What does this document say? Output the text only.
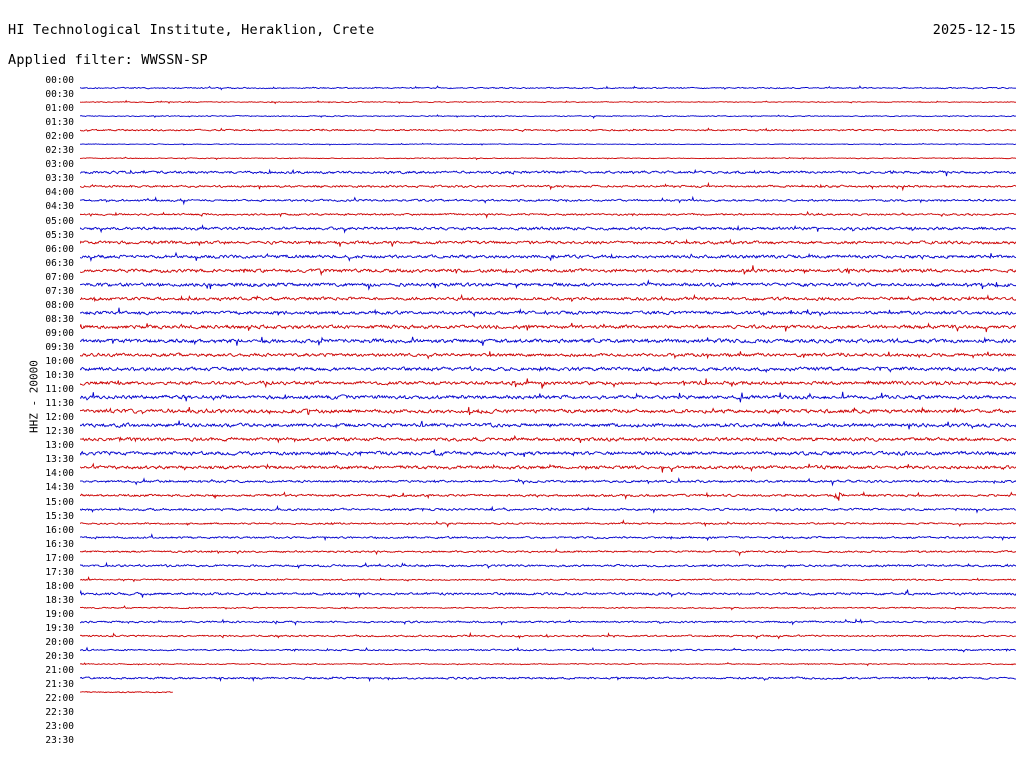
HI Technological Institute, Heraklion, Crete	2025-12-15
Applied filter: WWSSN-SP
HHZ - 20000
00:00
00:30
01:00
01:30
02:00
02:30
03:00
03:30
04:00
04:30
05:00
05:30
06:00
06:30
07:00
07:30
08:00
08:30
09:00
09:30
10:00
10:30
11:00
11:30
12:00
12:30
13:00
13:30
14:00
14:30
15:00
15:30
16:00
16:30
17:00
17:30
18:00
18:30
19:00
19:30
20:00
20:30
21:00
21:30
22:00
22:30
23:00
23:30
